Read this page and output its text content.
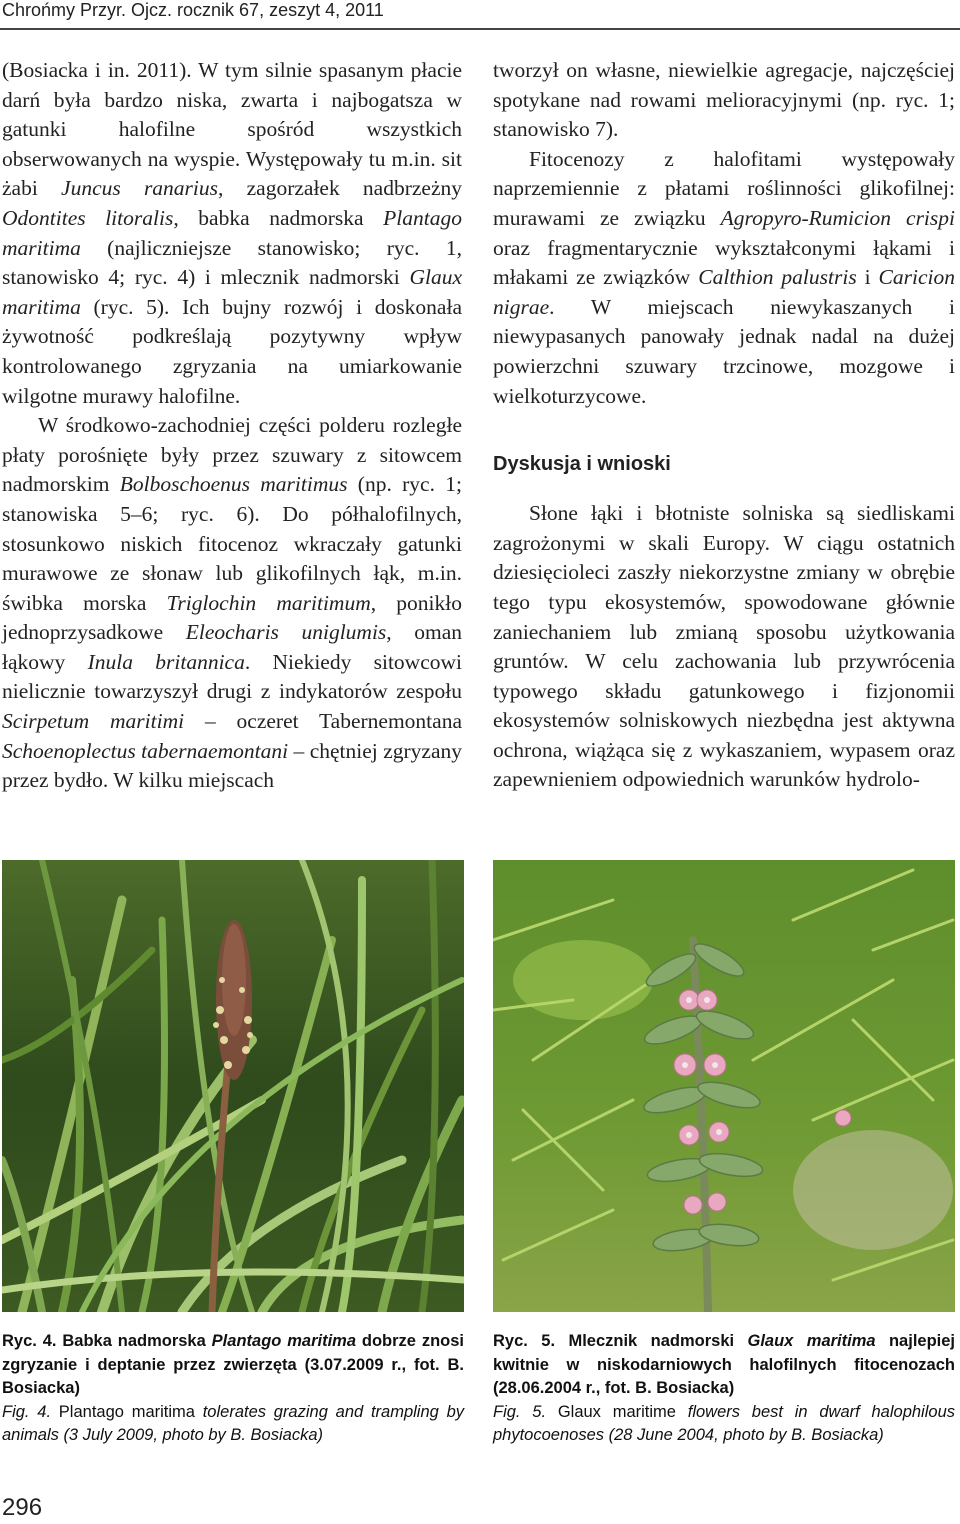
Chrońmy Przyr. Ojcz. rocznik 67, zeszyt 4, 2011

(Bosiacka i in. 2011). W tym silnie spasanym płacie darń była bardzo niska, zwarta i najbogatsza w gatunki halofilne spośród wszystkich obserwowanych na wyspie. Występowały tu m.in. sit żabi Juncus ranarius, zagorzałek nadbrzeżny Odontites litoralis, babka nadmorska Plantago maritima (najliczniejsze stanowisko; ryc. 1, stanowisko 4; ryc. 4) i mlecznik nadmorski Glaux maritima (ryc. 5). Ich bujny rozwój i doskonała żywotność podkreślają pozytywny wpływ kontrolowanego zgryzania na umiarkowanie wilgotne murawy halofilne.

W środkowo-zachodniej części polderu rozległe płaty porośnięte były przez szuwary z sitowcem nadmorskim Bolboschoenus maritimus (np. ryc. 1; stanowiska 5–6; ryc. 6). Do półhalofilnych, stosunkowo niskich fitocenoz wkraczały gatunki murawowe ze słonaw lub glikofilnych łąk, m.in. świbka morska Triglochin maritimum, ponikło jednoprzysadkowe Eleocharis uniglumis, oman łąkowy Inula britannica. Niekiedy sitowcowi nielicznie towarzyszył drugi z indykatorów zespołu Scirpetum maritimi – oczeret Tabernemontana Schoenoplectus tabernaemontani – chętniej zgryzany przez bydło. W kilku miejscach

tworzył on własne, niewielkie agregacje, najczęściej spotykane nad rowami melioracyjnymi (np. ryc. 1; stanowisko 7).

Fitocenozy z halofitami występowały naprzemiennie z płatami roślinności glikofilnej: murawami ze związku Agropyro-Rumicion crispi oraz fragmentarycznie wykształconymi łąkami i młakami ze związków Calthion palustris i Caricion nigrae. W miejscach niewykaszanych i niewypasanych panowały jednak nadal na dużej powierzchni szuwary trzcinowe, mozgowe i wielkoturzycowe.

Dyskusja i wnioski

Słone łąki i błotniste solniska są siedliskami zagrożonymi w skali Europy. W ciągu ostatnich dziesięcioleci zaszły niekorzystne zmiany w obrębie tego typu ekosystemów, spowodowane głównie zaniechaniem lub zmianą sposobu użytkowania gruntów. W celu zachowania lub przywrócenia typowego składu gatunkowego i fizjonomii ekosystemów solniskowych niezbędna jest aktywna ochrona, wiążąca się z wykaszaniem, wypasem oraz zapewnieniem odpowiednich warunków hydrolo-

Ryc. 4. Babka nadmorska Plantago maritima dobrze znosi zgryzanie i deptanie przez zwierzęta (3.07.2009 r., fot. B. Bosiacka)

Fig. 4. Plantago maritima tolerates grazing and trampling by animals (3 July 2009, photo by B. Bosiacka)

Ryc. 5. Mlecznik nadmorski Glaux maritima najlepiej kwitnie w niskodarniowych halofilnych fitocenozach (28.06.2004 r., fot. B. Bosiacka)

Fig. 5. Glaux maritime flowers best in dwarf halophilous phytocoenoses (28 June 2004, photo by B. Bosiacka)

296
